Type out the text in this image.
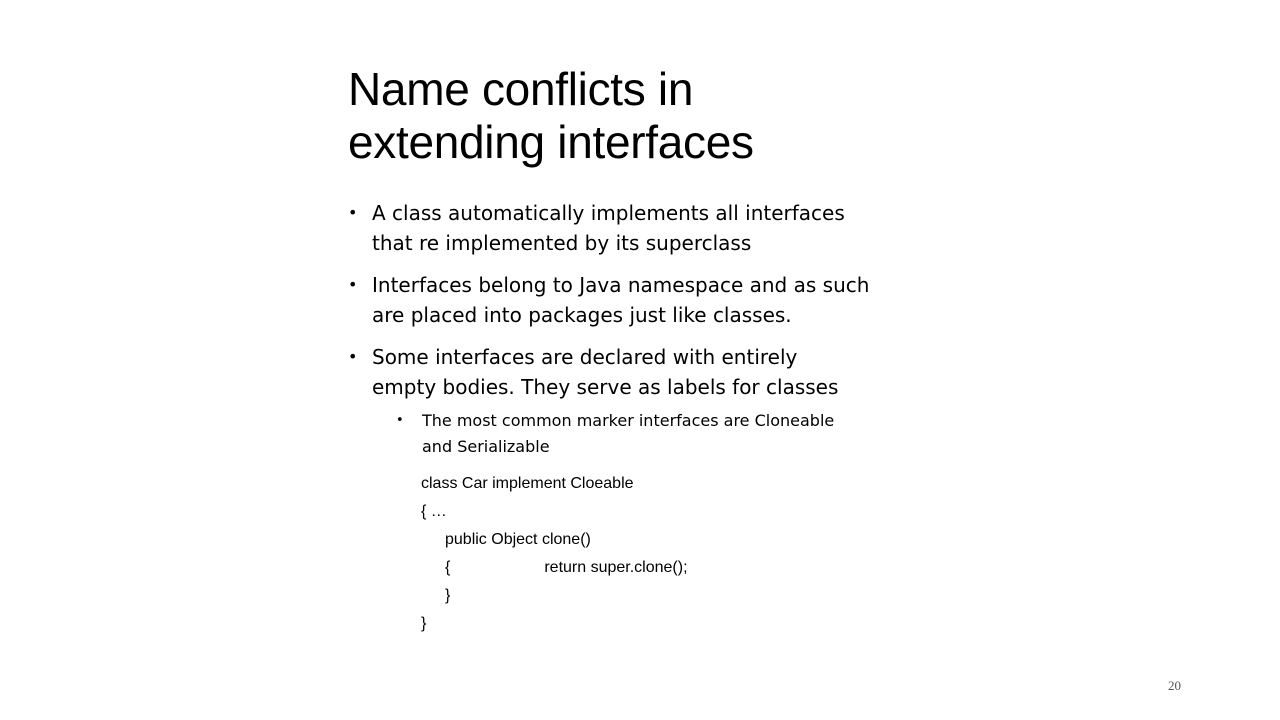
Name conflicts in
extending interfaces
• A class automatically implements all interfaces
that re implemented by its superclass
• Interfaces belong to Java namespace and as such
are placed into packages just like classes.
• Some interfaces are declared with entirely
empty bodies. They serve as labels for classes
• The most common marker interfaces are Cloneable
and Serializable
class Car implement Cloeable
{ …
public Object clone()
{	return super.clone();
}
}
20
